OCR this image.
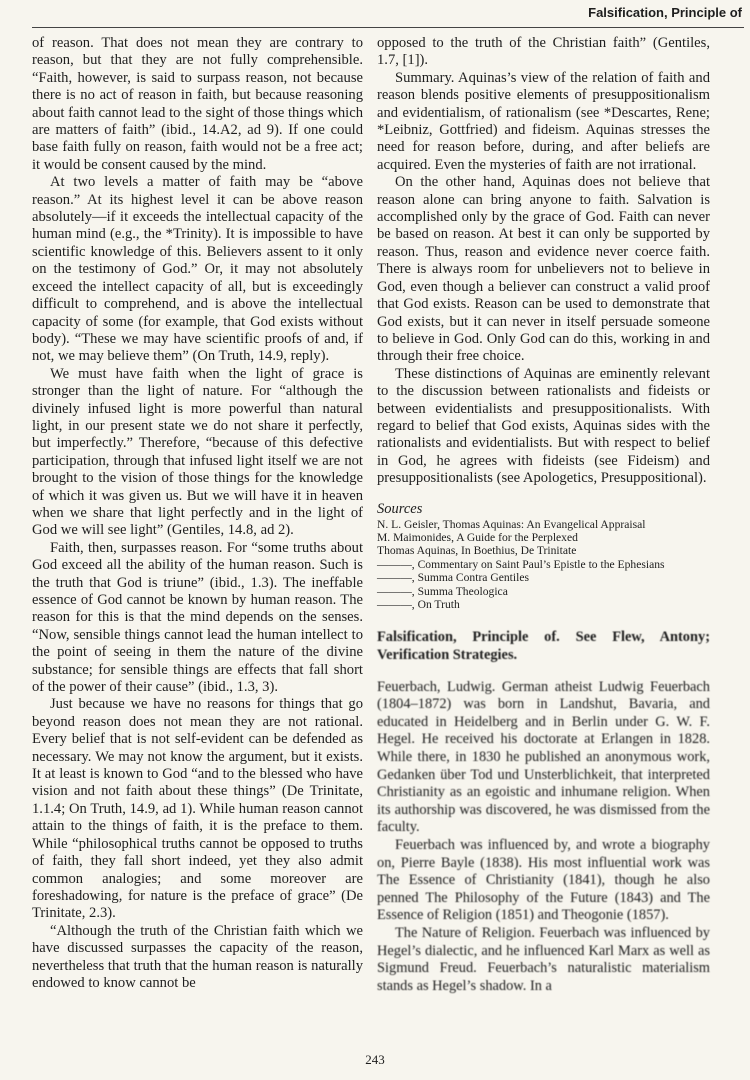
Falsification, Principle of

of reason. That does not mean they are contrary to reason, but that they are not fully comprehensible. “Faith, however, is said to surpass reason, not because there is no act of reason in faith, but because reasoning about faith cannot lead to the sight of those things which are matters of faith” (ibid., 14.A2, ad 9). If one could base faith fully on reason, faith would not be a free act; it would be consent caused by the mind.

At two levels a matter of faith may be “above reason.” At its highest level it can be above reason absolutely—if it exceeds the intellectual capacity of the human mind (e.g., the *Trinity). It is impossible to have scientific knowledge of this. Believers assent to it only on the testimony of God.” Or, it may not absolutely exceed the intellect capacity of all, but is exceedingly difficult to comprehend, and is above the intellectual capacity of some (for example, that God exists without body). “These we may have scientific proofs of and, if not, we may believe them” (On Truth, 14.9, reply).

We must have faith when the light of grace is stronger than the light of nature. For “although the divinely infused light is more powerful than natural light, in our present state we do not share it perfectly, but imperfectly.” Therefore, “because of this defective participation, through that infused light itself we are not brought to the vision of those things for the knowledge of which it was given us. But we will have it in heaven when we share that light perfectly and in the light of God we will see light” (Gentiles, 14.8, ad 2).

Faith, then, surpasses reason. For “some truths about God exceed all the ability of the human reason. Such is the truth that God is triune” (ibid., 1.3). The ineffable essence of God cannot be known by human reason. The reason for this is that the mind depends on the senses. “Now, sensible things cannot lead the human intellect to the point of seeing in them the nature of the divine substance; for sensible things are effects that fall short of the power of their cause” (ibid., 1.3, 3).

Just because we have no reasons for things that go beyond reason does not mean they are not rational. Every belief that is not self-evident can be defended as necessary. We may not know the argument, but it exists. It at least is known to God “and to the blessed who have vision and not faith about these things” (De Trinitate, 1.1.4; On Truth, 14.9, ad 1). While human reason cannot attain to the things of faith, it is the preface to them. While “philosophical truths cannot be opposed to truths of faith, they fall short indeed, yet they also admit common analogies; and some moreover are foreshadowing, for nature is the preface of grace” (De Trinitate, 2.3).

“Although the truth of the Christian faith which we have discussed surpasses the capacity of the reason, nevertheless that truth that the human reason is naturally endowed to know cannot be

opposed to the truth of the Christian faith” (Gentiles, 1.7, [1]).

Summary. Aquinas’s view of the relation of faith and reason blends positive elements of presuppositionalism and evidentialism, of rationalism (see *Descartes, Rene; *Leibniz, Gottfried) and fideism. Aquinas stresses the need for reason before, during, and after beliefs are acquired. Even the mysteries of faith are not irrational.

On the other hand, Aquinas does not believe that reason alone can bring anyone to faith. Salvation is accomplished only by the grace of God. Faith can never be based on reason. At best it can only be supported by reason. Thus, reason and evidence never coerce faith. There is always room for unbelievers not to believe in God, even though a believer can construct a valid proof that God exists. Reason can be used to demonstrate that God exists, but it can never in itself persuade someone to believe in God. Only God can do this, working in and through their free choice.

These distinctions of Aquinas are eminently relevant to the discussion between rationalists and fideists or between evidentialists and presuppositionalists. With regard to belief that God exists, Aquinas sides with the rationalists and evidentialists. But with respect to belief in God, he agrees with fideists (see Fideism) and presuppositionalists (see Apologetics, Presuppositional).

Sources
N. L. Geisler, Thomas Aquinas: An Evangelical Appraisal
M. Maimonides, A Guide for the Perplexed
Thomas Aquinas, In Boethius, De Trinitate
———, Commentary on Saint Paul’s Epistle to the Ephesians
———, Summa Contra Gentiles
———, Summa Theologica
———, On Truth

Falsification, Principle of. See Flew, Antony; Verification Strategies.

Feuerbach, Ludwig. German atheist Ludwig Feuerbach (1804–1872) was born in Landshut, Bavaria, and educated in Heidelberg and in Berlin under G. W. F. Hegel. He received his doctorate at Erlangen in 1828. While there, in 1830 he published an anonymous work, Gedanken über Tod und Unsterblichkeit, that interpreted Christianity as an egoistic and inhumane religion. When its authorship was discovered, he was dismissed from the faculty.

Feuerbach was influenced by, and wrote a biography on, Pierre Bayle (1838). His most influential work was The Essence of Christianity (1841), though he also penned The Philosophy of the Future (1843) and The Essence of Religion (1851) and Theogonie (1857).

The Nature of Religion. Feuerbach was influenced by Hegel’s dialectic, and he influenced Karl Marx as well as Sigmund Freud. Feuerbach’s naturalistic materialism stands as Hegel’s shadow. In a

243
